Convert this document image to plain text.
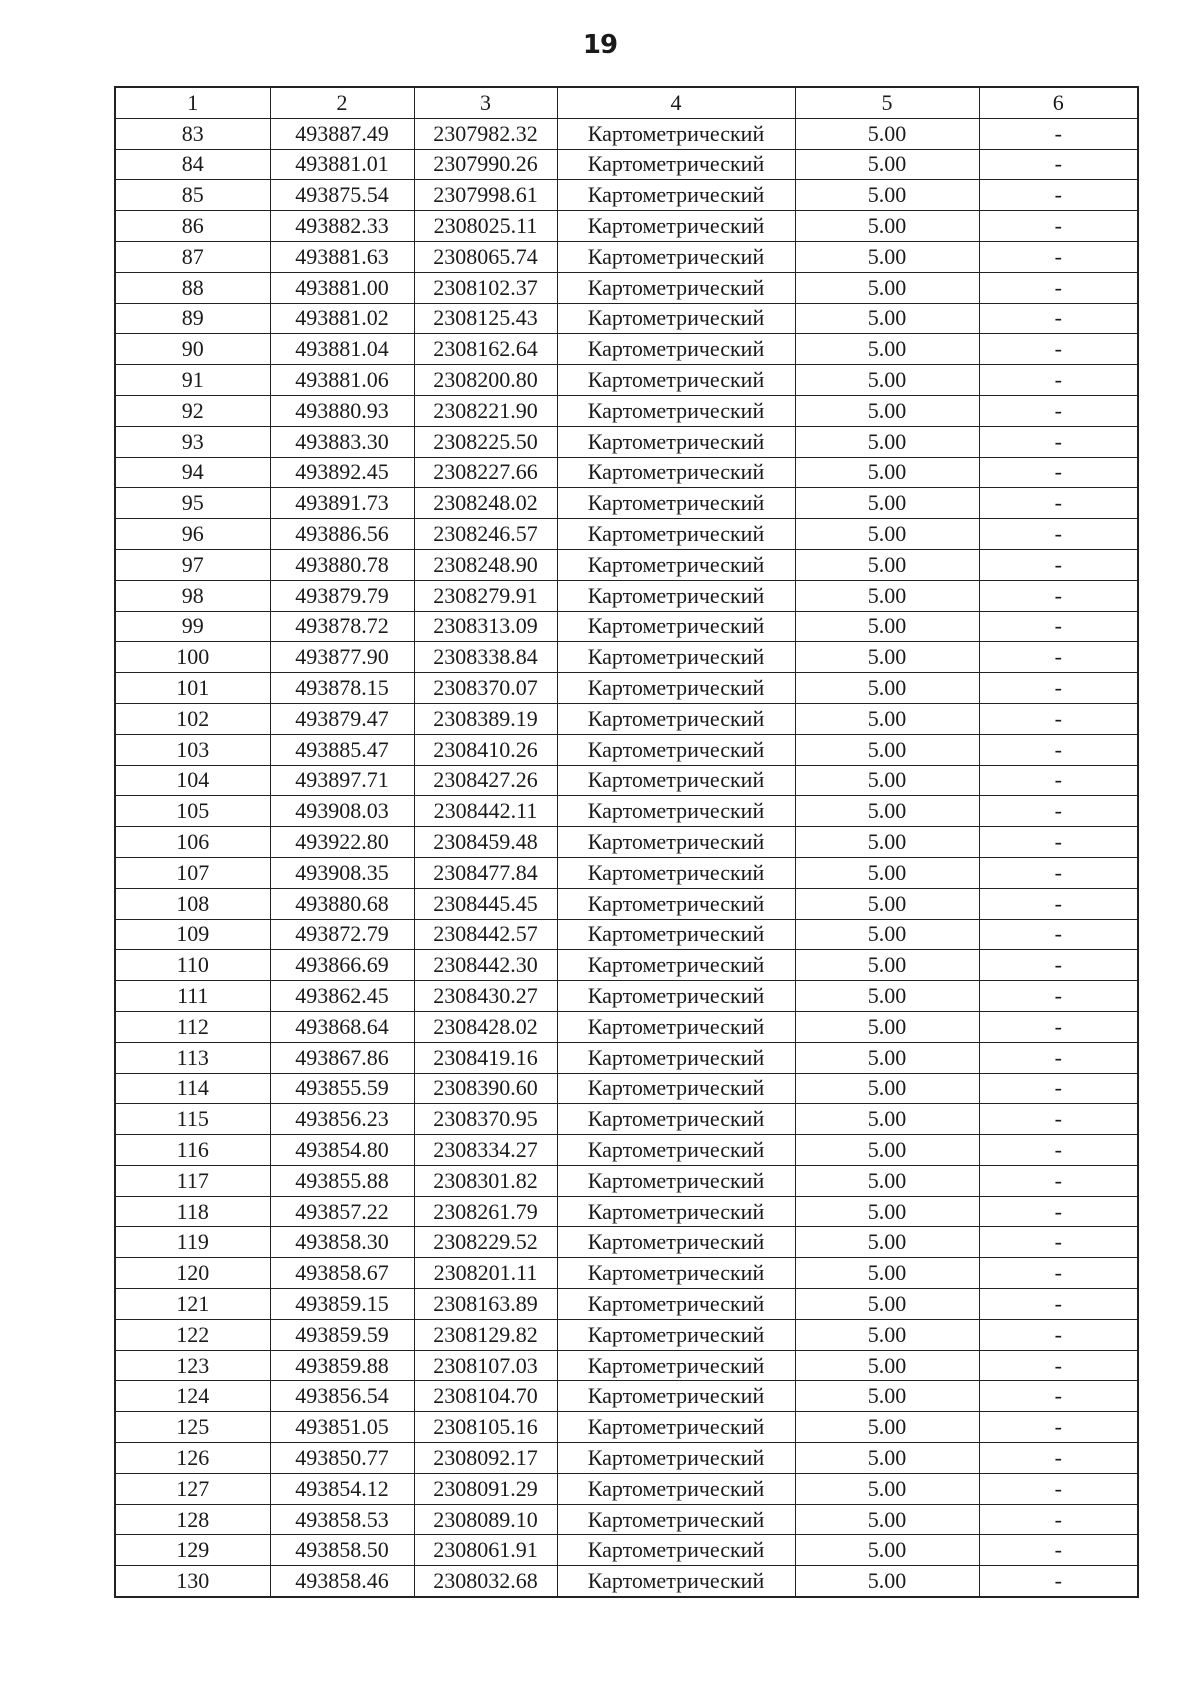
19
1	2	3	4	5	6
83	493887.49	2307982.32	Картометрический	5.00	-
84	493881.01	2307990.26	Картометрический	5.00	-
85	493875.54	2307998.61	Картометрический	5.00	-
86	493882.33	2308025.11	Картометрический	5.00	-
87	493881.63	2308065.74	Картометрический	5.00	-
88	493881.00	2308102.37	Картометрический	5.00	-
89	493881.02	2308125.43	Картометрический	5.00	-
90	493881.04	2308162.64	Картометрический	5.00	-
91	493881.06	2308200.80	Картометрический	5.00	-
92	493880.93	2308221.90	Картометрический	5.00	-
93	493883.30	2308225.50	Картометрический	5.00	-
94	493892.45	2308227.66	Картометрический	5.00	-
95	493891.73	2308248.02	Картометрический	5.00	-
96	493886.56	2308246.57	Картометрический	5.00	-
97	493880.78	2308248.90	Картометрический	5.00	-
98	493879.79	2308279.91	Картометрический	5.00	-
99	493878.72	2308313.09	Картометрический	5.00	-
100	493877.90	2308338.84	Картометрический	5.00	-
101	493878.15	2308370.07	Картометрический	5.00	-
102	493879.47	2308389.19	Картометрический	5.00	-
103	493885.47	2308410.26	Картометрический	5.00	-
104	493897.71	2308427.26	Картометрический	5.00	-
105	493908.03	2308442.11	Картометрический	5.00	-
106	493922.80	2308459.48	Картометрический	5.00	-
107	493908.35	2308477.84	Картометрический	5.00	-
108	493880.68	2308445.45	Картометрический	5.00	-
109	493872.79	2308442.57	Картометрический	5.00	-
110	493866.69	2308442.30	Картометрический	5.00	-
111	493862.45	2308430.27	Картометрический	5.00	-
112	493868.64	2308428.02	Картометрический	5.00	-
113	493867.86	2308419.16	Картометрический	5.00	-
114	493855.59	2308390.60	Картометрический	5.00	-
115	493856.23	2308370.95	Картометрический	5.00	-
116	493854.80	2308334.27	Картометрический	5.00	-
117	493855.88	2308301.82	Картометрический	5.00	-
118	493857.22	2308261.79	Картометрический	5.00	-
119	493858.30	2308229.52	Картометрический	5.00	-
120	493858.67	2308201.11	Картометрический	5.00	-
121	493859.15	2308163.89	Картометрический	5.00	-
122	493859.59	2308129.82	Картометрический	5.00	-
123	493859.88	2308107.03	Картометрический	5.00	-
124	493856.54	2308104.70	Картометрический	5.00	-
125	493851.05	2308105.16	Картометрический	5.00	-
126	493850.77	2308092.17	Картометрический	5.00	-
127	493854.12	2308091.29	Картометрический	5.00	-
128	493858.53	2308089.10	Картометрический	5.00	-
129	493858.50	2308061.91	Картометрический	5.00	-
130	493858.46	2308032.68	Картометрический	5.00	-
